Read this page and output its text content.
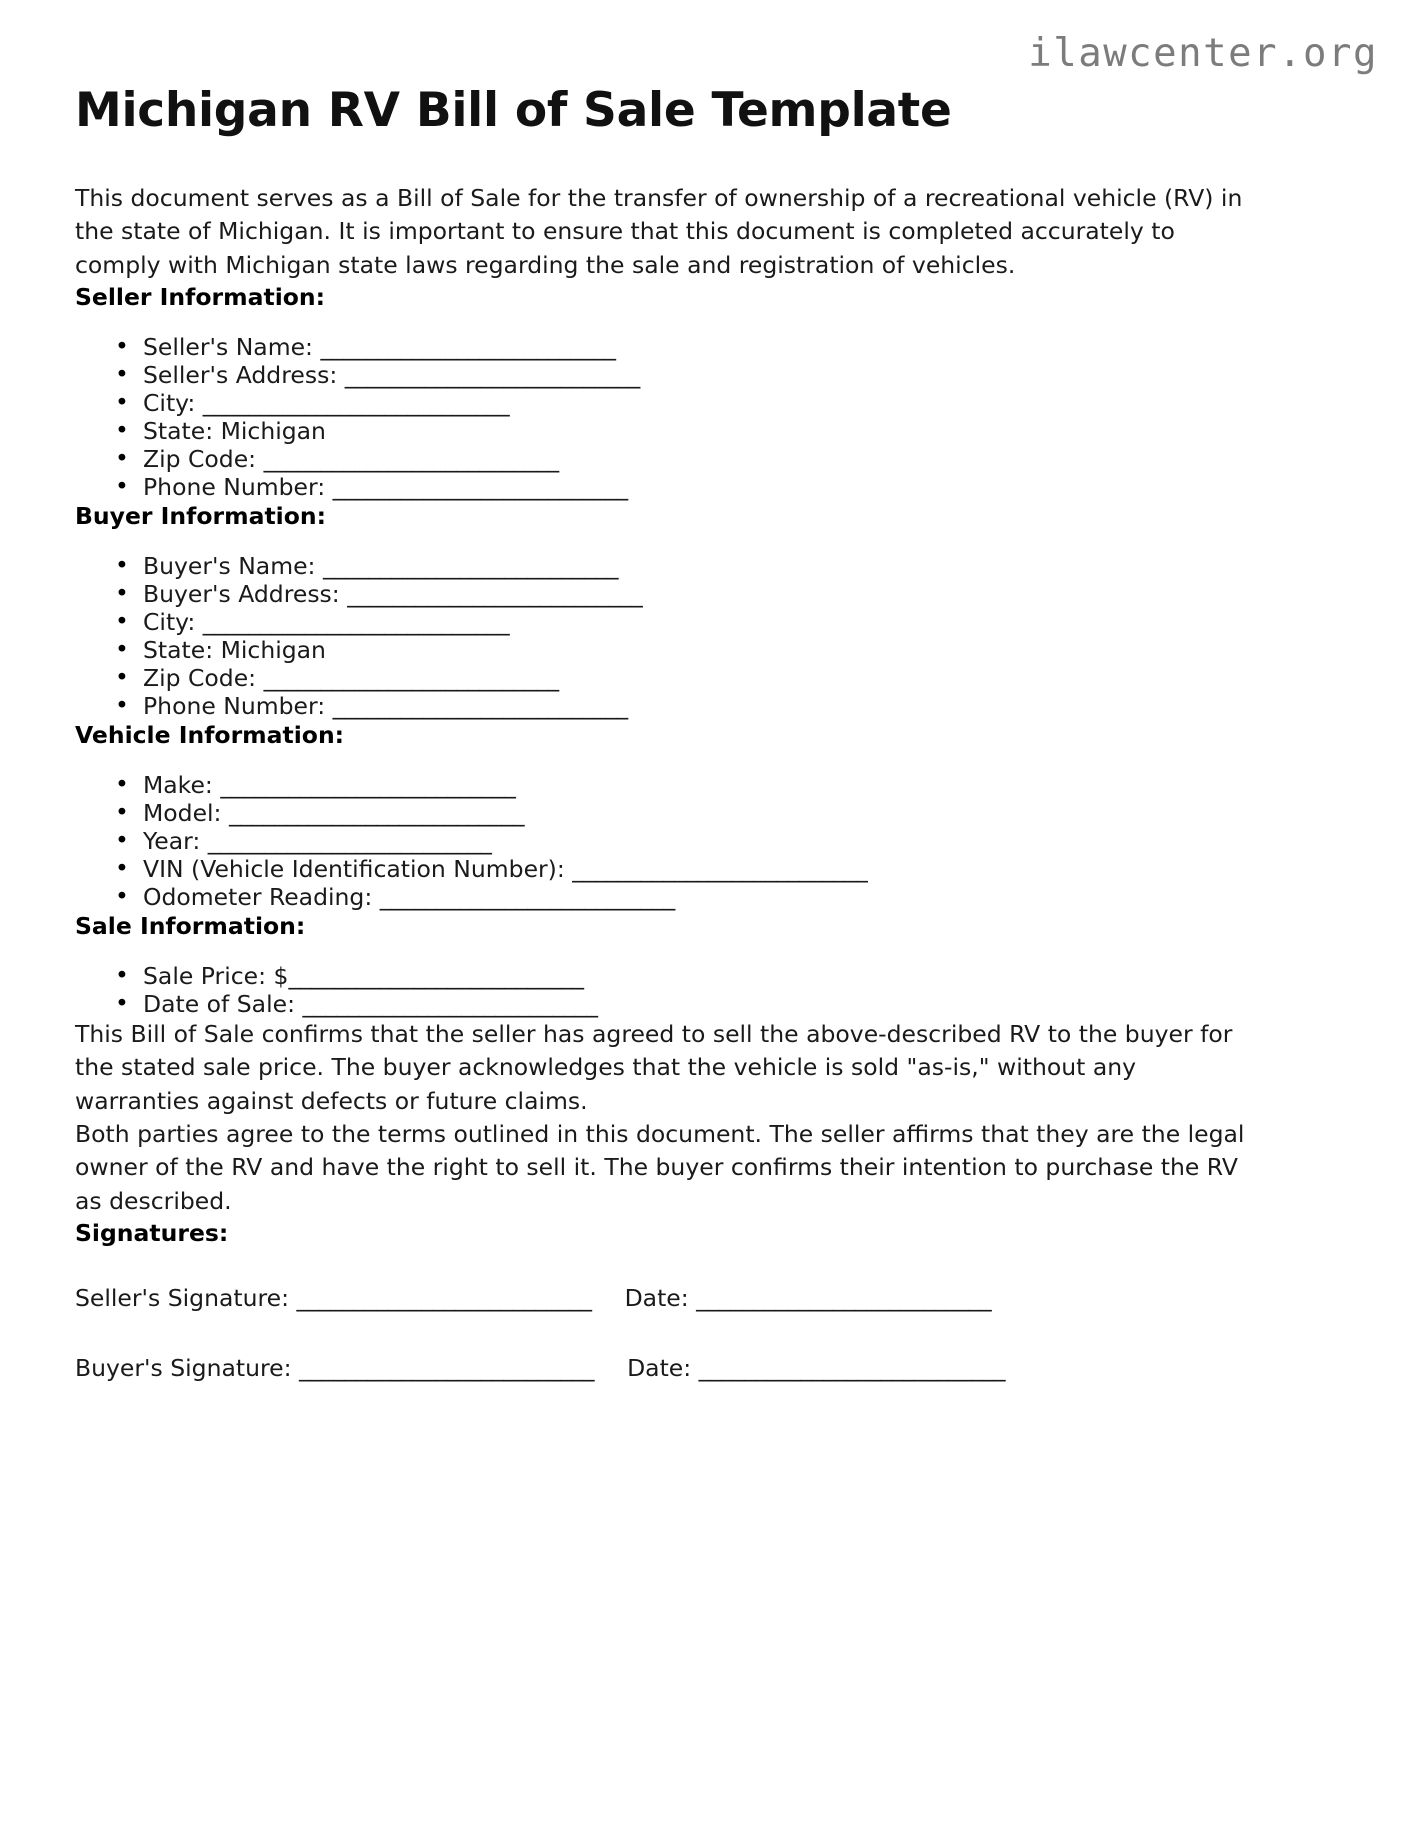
ilawcenter.org
Michigan RV Bill of Sale Template

This document serves as a Bill of Sale for the transfer of ownership of a recreational vehicle (RV) in the state of Michigan. It is important to ensure that this document is completed accurately to comply with Michigan state laws regarding the sale and registration of vehicles.

Seller Information:
• Seller's Name: __________________________
• Seller's Address: __________________________
• City: ___________________________
• State: Michigan
• Zip Code: __________________________
• Phone Number: __________________________
Buyer Information:
• Buyer's Name: __________________________
• Buyer's Address: __________________________
• City: ___________________________
• State: Michigan
• Zip Code: __________________________
• Phone Number: __________________________
Vehicle Information:
• Make: __________________________
• Model: __________________________
• Year: _________________________
• VIN (Vehicle Identification Number): __________________________
• Odometer Reading: __________________________
Sale Information:
• Sale Price: $__________________________
• Date of Sale: __________________________

This Bill of Sale confirms that the seller has agreed to sell the above-described RV to the buyer for the stated sale price. The buyer acknowledges that the vehicle is sold "as-is," without any warranties against defects or future claims.

Both parties agree to the terms outlined in this document. The seller affirms that they are the legal owner of the RV and have the right to sell it. The buyer confirms their intention to purchase the RV as described.

Signatures:
Seller's Signature: __________________________ Date: __________________________
Buyer's Signature: __________________________ Date: ___________________________
